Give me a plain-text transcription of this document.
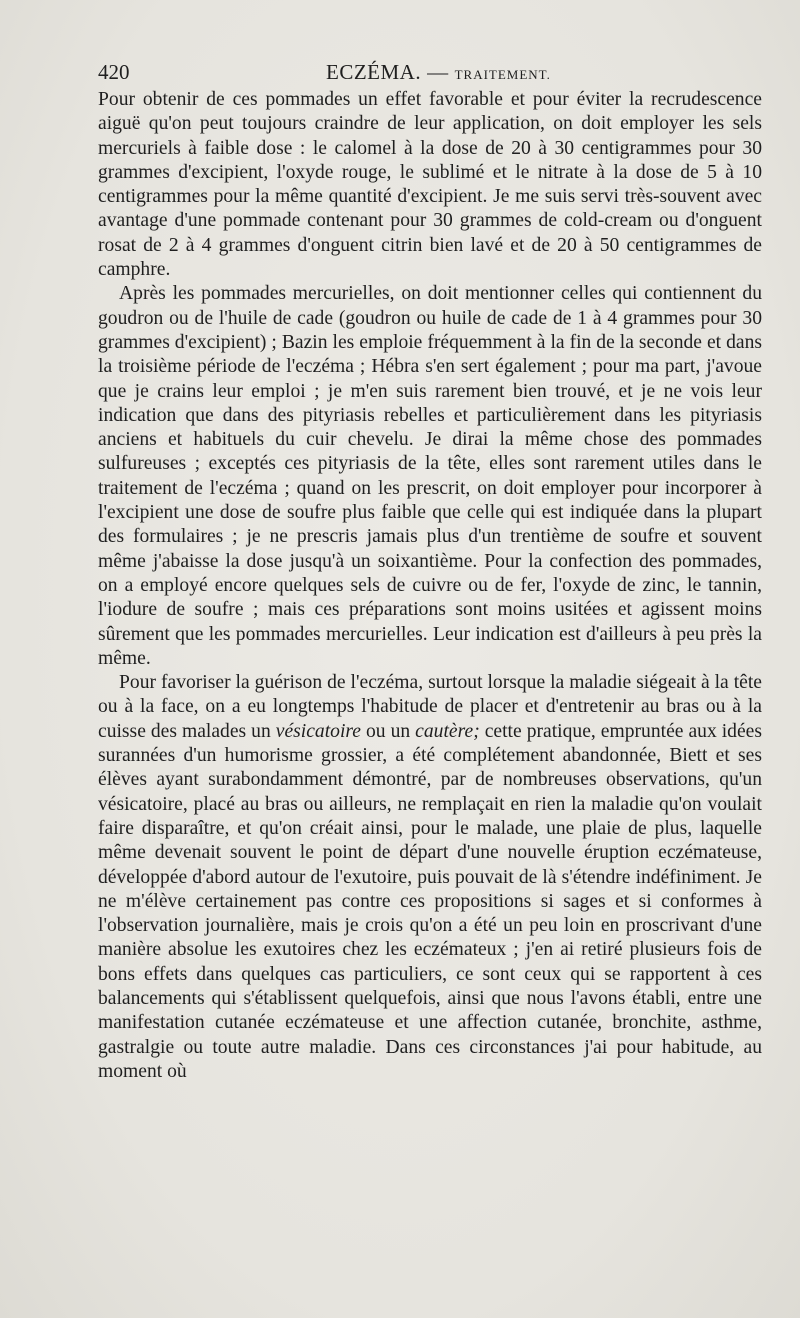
420	ECZÉMA. — TRAITEMENT.

Pour obtenir de ces pommades un effet favorable et pour éviter la recrudescence aiguë qu'on peut toujours craindre de leur application, on doit employer les sels mercuriels à faible dose : le calomel à la dose de 20 à 30 centigrammes pour 30 grammes d'excipient, l'oxyde rouge, le sublimé et le nitrate à la dose de 5 à 10 centigrammes pour la même quantité d'excipient. Je me suis servi très-souvent avec avantage d'une pommade contenant pour 30 grammes de cold-cream ou d'onguent rosat de 2 à 4 grammes d'onguent citrin bien lavé et de 20 à 50 centigrammes de camphre.

Après les pommades mercurielles, on doit mentionner celles qui contiennent du goudron ou de l'huile de cade (goudron ou huile de cade de 1 à 4 grammes pour 30 grammes d'excipient) ; Bazin les emploie fréquemment à la fin de la seconde et dans la troisième période de l'eczéma ; Hébra s'en sert également ; pour ma part, j'avoue que je crains leur emploi ; je m'en suis rarement bien trouvé, et je ne vois leur indication que dans des pityriasis rebelles et particulièrement dans les pityriasis anciens et habituels du cuir chevelu. Je dirai la même chose des pommades sulfureuses ; exceptés ces pityriasis de la tête, elles sont rarement utiles dans le traitement de l'eczéma ; quand on les prescrit, on doit employer pour incorporer à l'excipient une dose de soufre plus faible que celle qui est indiquée dans la plupart des formulaires ; je ne prescris jamais plus d'un trentième de soufre et souvent même j'abaisse la dose jusqu'à un soixantième. Pour la confection des pommades, on a employé encore quelques sels de cuivre ou de fer, l'oxyde de zinc, le tannin, l'iodure de soufre ; mais ces préparations sont moins usitées et agissent moins sûrement que les pommades mercurielles. Leur indication est d'ailleurs à peu près la même.

Pour favoriser la guérison de l'eczéma, surtout lorsque la maladie siégeait à la tête ou à la face, on a eu longtemps l'habitude de placer et d'entretenir au bras ou à la cuisse des malades un vésicatoire ou un cautère; cette pratique, empruntée aux idées surannées d'un humorisme grossier, a été complétement abandonnée, Biett et ses élèves ayant surabondamment démontré, par de nombreuses observations, qu'un vésicatoire, placé au bras ou ailleurs, ne remplaçait en rien la maladie qu'on voulait faire disparaître, et qu'on créait ainsi, pour le malade, une plaie de plus, laquelle même devenait souvent le point de départ d'une nouvelle éruption eczémateuse, développée d'abord autour de l'exutoire, puis pouvait de là s'étendre indéfiniment. Je ne m'élève certainement pas contre ces propositions si sages et si conformes à l'observation journalière, mais je crois qu'on a été un peu loin en proscrivant d'une manière absolue les exutoires chez les eczémateux ; j'en ai retiré plusieurs fois de bons effets dans quelques cas particuliers, ce sont ceux qui se rapportent à ces balancements qui s'établissent quelquefois, ainsi que nous l'avons établi, entre une manifestation cutanée eczémateuse et une affection cutanée, bronchite, asthme, gastralgie ou toute autre maladie. Dans ces circonstances j'ai pour habitude, au moment où
